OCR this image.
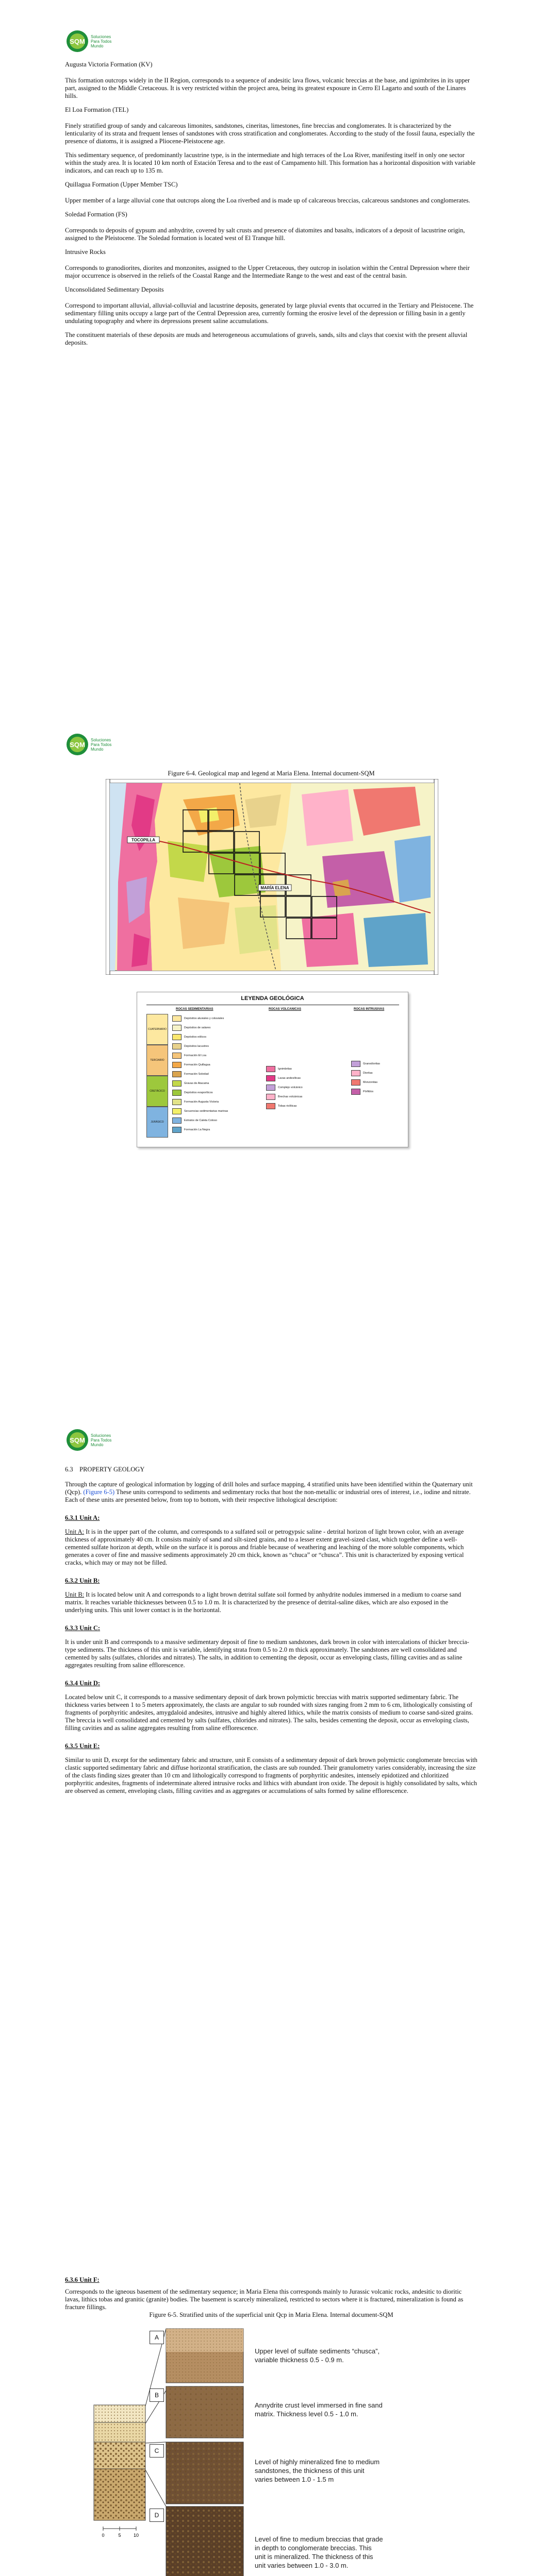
SQM
Soluciones
Para Todos
Mundo

Augusta Victoria Formation (KV)

This formation outcrops widely in the II Region, corresponds to a sequence of andesitic lava flows, volcanic breccias at the base, and ignimbrites in its upper part, assigned to the Middle Cretaceous. It is very restricted within the project area, being its greatest exposure in Cerro El Lagarto and south of the Linares hills.

El Loa Formation (TEL)

Finely stratified group of sandy and calcareous limonites, sandstones, cineritas, limestones, fine breccias and conglomerates. It is characterized by the lenticularity of its strata and frequent lenses of sandstones with cross stratification and conglomerates. According to the study of the fossil fauna, especially the presence of diatoms, it is assigned a Pliocene-Pleistocene age.

This sedimentary sequence, of predominantly lacustrine type, is in the intermediate and high terraces of the Loa River, manifesting itself in only one sector within the study area. It is located 10 km north of Estación Teresa and to the east of Campamento hill. This formation has a horizontal disposition with variable indicators, and can reach up to 135 m.

Quillagua Formation (Upper Member TSC)

Upper member of a large alluvial cone that outcrops along the Loa riverbed and is made up of calcareous breccias, calcareous sandstones and conglomerates.

Soledad Formation (FS)

Corresponds to deposits of gypsum and anhydrite, covered by salt crusts and presence of diatomites and basalts, indicators of a deposit of lacustrine origin, assigned to the Pleistocene. The Soledad formation is located west of El Tranque hill.

Intrusive Rocks

Corresponds to granodiorites, diorites and monzonites, assigned to the Upper Cretaceous, they outcrop in isolation within the Central Depression where their major occurrence is observed in the reliefs of the Coastal Range and the Intermediate Range to the west and east of the central basin.

Unconsolidated Sedimentary Deposits

Correspond to important alluvial, alluvial-colluvial and lacustrine deposits, generated by large pluvial events that occurred in the Tertiary and Pleistocene. The sedimentary filling units occupy a large part of the Central Depression area, currently forming the erosive level of the depression or filling basin in a gently undulating topography and where its depressions present saline accumulations.

The constituent materials of these deposits are muds and heterogeneous accumulations of gravels, sands, silts and clays that coexist with the present alluvial deposits.

SQM
Soluciones
Para Todos
Mundo
Figure 6-4. Geological map and legend at Maria Elena. Internal document-SQM
TOCOPILLA
MARÍA ELENA
LEYENDA GEOLÓGICA
ROCAS SEDIMENTARIAS	ROCAS VOLCANICAS	ROCAS INTRUSIVAS
CUATERNARIO
TERCIARIO
CRETÁCICO
JURÁSICO
Depósitos aluviales y coluviales
Depósitos de salares
Depósitos eólicos
Depósitos lacustres
Formación El Loa
Formación Quillagua
Formación Soledad
Gravas de Atacama
Depósitos evaporíticos
Formación Augusta Victoria
Secuencias sedimentarias marinas
Estratos de Caleta Coloso
Formación La Negra
Ignimbritas
Lavas andesíticas
Complejo volcánico
Brechas volcánicas
Tobas riolíticas
Granodioritas
Dioritas
Monzonitas
Pórfidos
SQM
Soluciones
Para Todos
Mundo

6.3    PROPERTY GEOLOGY

Through the capture of geological information by logging of drill holes and surface mapping, 4 stratified units have been identified within the Quaternary unit (Qcp). (Figure 6-5) These units correspond to sediments and sedimentary rocks that host the non-metallic or industrial ores of interest, i.e., iodine and nitrate. Each of these units are presented below, from top to bottom, with their respective lithological description:

6.3.1 Unit A:

Unit A: It is in the upper part of the column, and corresponds to a sulfated soil or petrogypsic saline - detrital horizon of light brown color, with an average thickness of approximately 40 cm. It consists mainly of sand and silt-sized grains, and to a lesser extent gravel-sized clast, which together define a well-cemented sulfate horizon at depth, while on the surface it is porous and friable because of weathering and leaching of the more soluble components, which generates a cover of fine and massive sediments approximately 20 cm thick, known as “chuca” or “chusca”. This unit is characterized by exposing vertical cracks, which may or may not be filled.

6.3.2 Unit B:

Unit B: It is located below unit A and corresponds to a light brown detrital sulfate soil formed by anhydrite nodules immersed in a medium to coarse sand matrix. It reaches variable thicknesses between 0.5 to 1.0 m. It is characterized by the presence of detrital-saline dikes, which are also exposed in the underlying units. This unit lower contact is in the horizontal.

6.3.3 Unit C:

It is under unit B and corresponds to a massive sedimentary deposit of fine to medium sandstones, dark brown in color with intercalations of thicker breccia-type sediments. The thickness of this unit is variable, identifying strata from 0.5 to 2.0 m thick approximately. The sandstones are well consolidated and cemented by salts (sulfates, chlorides and nitrates). The salts, in addition to cementing the deposit, occur as enveloping clasts, filling cavities and as saline aggregates resulting from saline efflorescence.

6.3.4 Unit D:

Located below unit C, it corresponds to a massive sedimentary deposit of dark brown polymictic breccias with matrix supported sedimentary fabric. The thickness varies between 1 to 5 meters approximately, the clasts are angular to sub rounded with sizes ranging from 2 mm to 6 cm, lithologically consisting of fragments of porphyritic andesites, amygdaloid andesites, intrusive and highly altered lithics, while the matrix consists of medium to coarse sand-sized grains. The breccia is well consolidated and cemented by salts (sulfates, chlorides and nitrates). The salts, besides cementing the deposit, occur as enveloping clasts, filling cavities and as saline aggregates resulting from saline efflorescence.

6.3.5 Unit E:

Similar to unit D, except for the sedimentary fabric and structure, unit E consists of a sedimentary deposit of dark brown polymictic conglomerate breccias with clastic supported sedimentary fabric and diffuse horizontal stratification, the clasts are sub rounded. Their granulometry varies considerably, increasing the size of the clasts finding sizes greater than 10 cm and lithologically correspond to fragments of porphyritic andesites, intensely epidotized and chloritized porphyritic andesites, fragments of indeterminate altered intrusive rocks and lithics with abundant iron oxide. The deposit is highly consolidated by salts, which are observed as cement, enveloping clasts, filling cavities and as aggregates or accumulations of salts formed by saline efflorescence.

6.3.6 Unit F:

Corresponds to the igneous basement of the sedimentary sequence; in Maria Elena this corresponds mainly to Jurassic volcanic rocks, andesitic to dioritic lavas, lithics tobas and granitic (granite) bodies. The basement is scarcely mineralized, restricted to sectors where it is fractured, mineralization is found as fracture fillings.

Figure 6-5. Stratified units of the superficial unit Qcp in Maria Elena. Internal document-SQM

0	5	10
A
Upper level of sulfate sediments “chusca”, variable thickness 0.5 - 0.9 m.
B
Annydrite crust level immersed in fine sand matrix. Thickness level 0.5 - 1.0 m.
C
Level of highly mineralized fine to medium sandstones, the thickness of this unit varies between 1.0 - 1.5 m
D
Level of fine to medium breccias that grade in depth to conglomerate breccias. This unit is mineralized. The thickness of this unit varies between 1.0 - 3.0 m.
